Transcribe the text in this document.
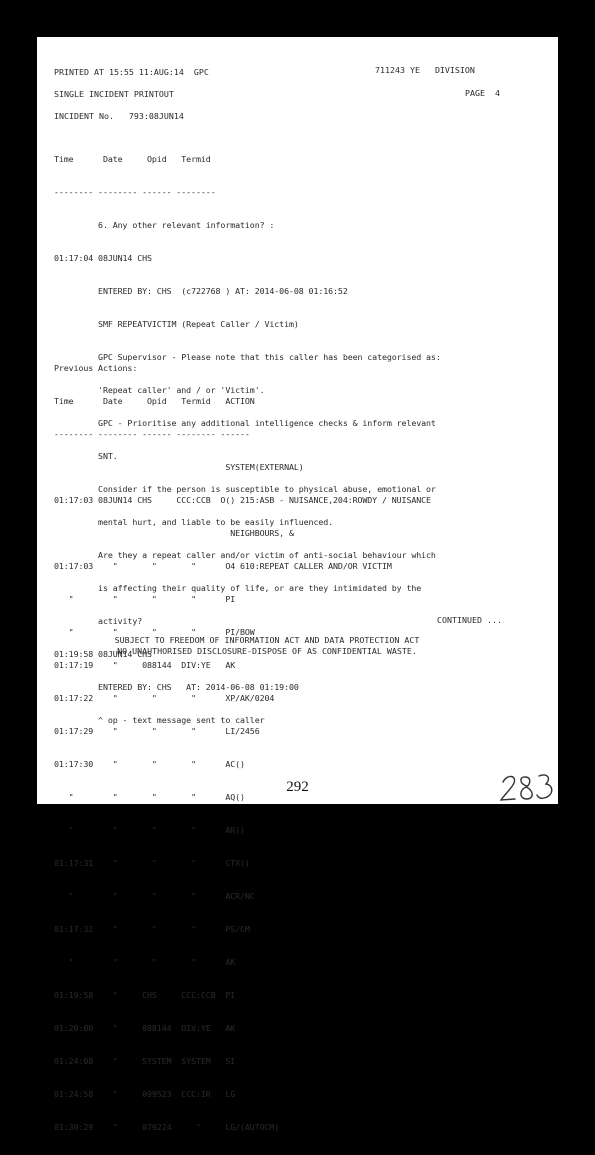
PRINTED AT 15:55 11:AUG:14  GPC	711243 YE   DIVISION
SINGLE INCIDENT PRINTOUT	PAGE  4
INCIDENT No.   793:08JUN14

Time      Date     Opid   Termid

-------- -------- ------ --------

6. Any other relevant information? :

01:17:04 08JUN14 CHS

ENTERED BY: CHS  (c722768 ) AT: 2014-06-08 01:16:52

SMF REPEATVICTIM (Repeat Caller / Victim)

GPC Supervisor - Please note that this caller has been categorised as:

'Repeat caller' and / or 'Victim'.

GPC - Prioritise any additional intelligence checks & inform relevant

SNT.

Consider if the person is susceptible to physical abuse, emotional or

mental hurt, and liable to be easily influenced.

Are they a repeat caller and/or victim of anti-social behaviour which

is affecting their quality of life, or are they intimidated by the

activity?

01:19:58 08JUN14 CHS

ENTERED BY: CHS   AT: 2014-06-08 01:19:00

^ op - text message sent to caller

Previous Actions:

Time      Date     Opid   Termid   ACTION

-------- -------- ------ -------- ------

SYSTEM(EXTERNAL)

01:17:03 08JUN14 CHS     CCC:CCB  O() 215:ASB - NUISANCE,204:ROWDY / NUISANCE

NEIGHBOURS, &

01:17:03    "       "       "      O4 610:REPEAT CALLER AND/OR VICTIM

"        "       "       "      PI

"        "       "       "      PI/BOW

01:17:19    "     088144  DIV:YE   AK

01:17:22    "       "       "      XP/AK/0204

01:17:29    "       "       "      LI/2456

01:17:30    "       "       "      AC()

"        "       "       "      AQ()

"        "       "       "      AR()

01:17:31    "       "       "      CTX()

"        "       "       "      ACR/NC

01:17:32    "       "       "      PS/CM

"        "       "       "      AK

01:19:58    "     CHS     CCC:CCB  PI

01:20:00    "     088144  DIV:YE   AK

01:24:08    "     SYSTEM  SYSTEM   SI

01:24:58    "     099523  CCC:IR   LG

01:30:29    "     079224     "     LG/(AUTOCM)

CONTINUED ...
SUBJECT TO FREEDOM OF INFORMATION ACT AND DATA PROTECTION ACT
NO UNAUTHORISED DISCLOSURE-DISPOSE OF AS CONFIDENTIAL WASTE.
292
